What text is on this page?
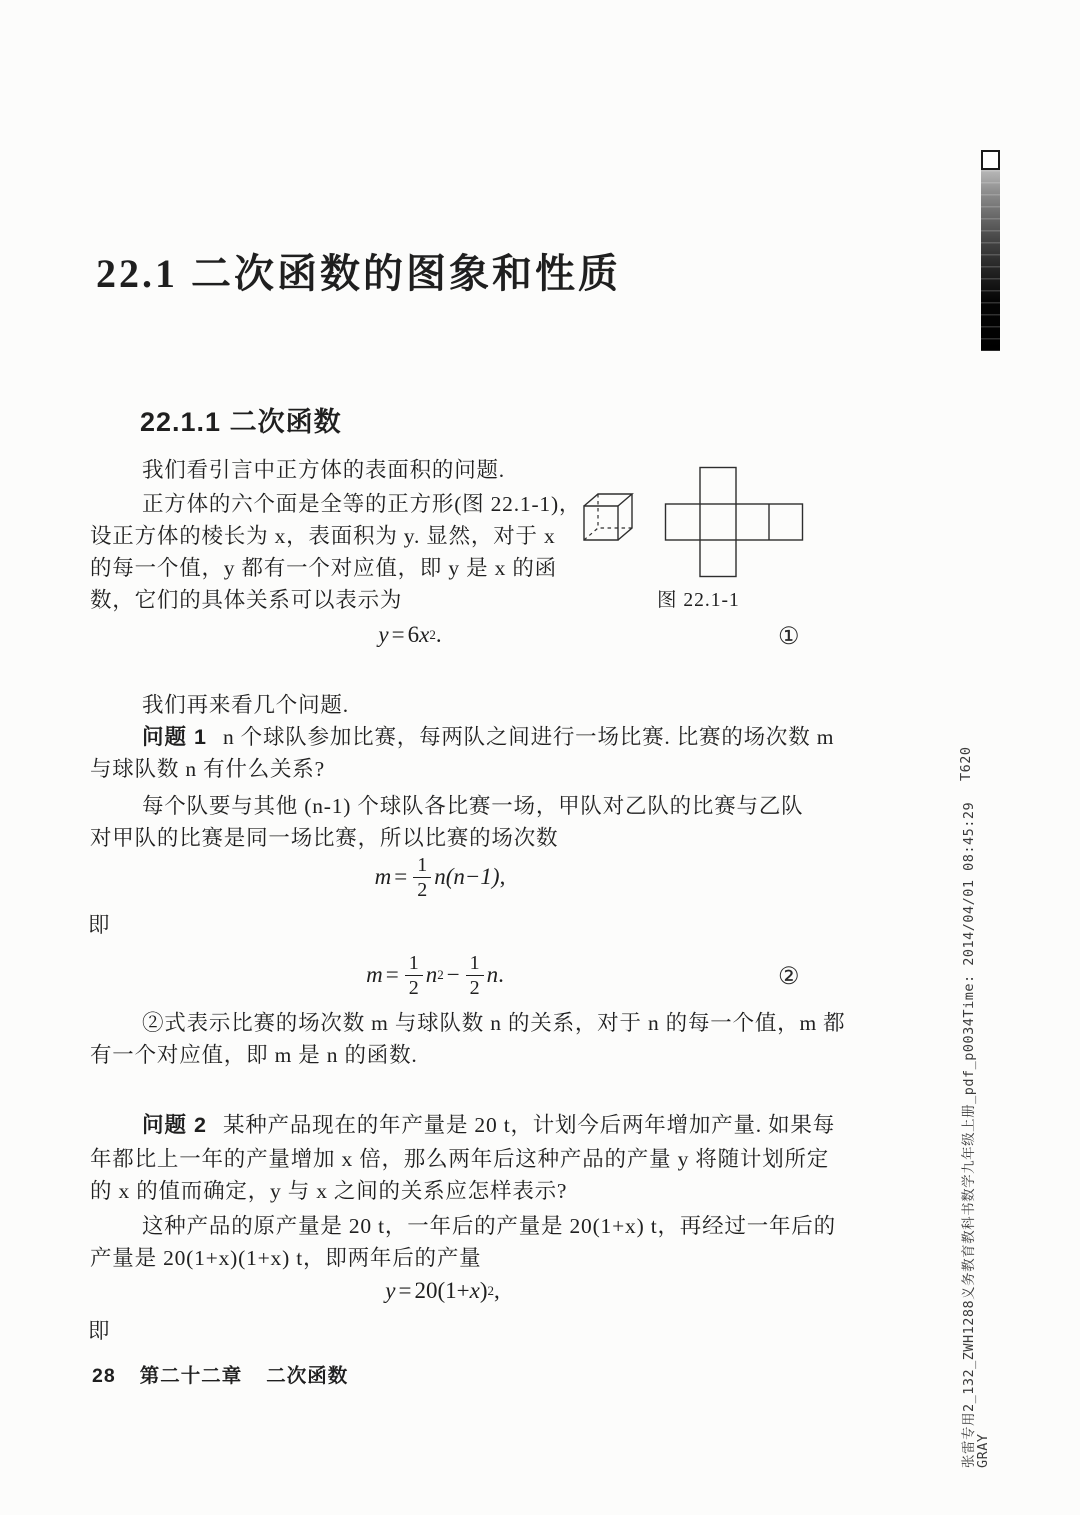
22.1 二次函数的图象和性质
22.1.1 二次函数
我们看引言中正方体的表面积的问题.
正方体的六个面是全等的正方形(图 22.1-1)，
设正方体的棱长为 x，表面积为 y. 显然，对于 x
的每一个值，y 都有一个对应值，即 y 是 x 的函
数，它们的具体关系可以表示为	图 22.1-1
y = 6 x 2 .	①
我们再来看几个问题.
问题 1 n 个球队参加比赛，每两队之间进行一场比赛. 比赛的场次数 m
与球队数 n 有什么关系?
每个队要与其他 (n-1) 个球队各比赛一场，甲队对乙队的比赛与乙队
对甲队的比赛是同一场比赛，所以比赛的场次数
$m = \frac{1}{2} n(n-1)$ ,
即
$m = \frac{1}{2}$ n $2 - \frac{1}{2}$ n .	②
②式表示比赛的场次数 m 与球队数 n 的关系，对于 n 的每一个值，m 都
有一个对应值，即 m 是 n 的函数.
问题 2 某种产品现在的年产量是 20 t，计划今后两年增加产量. 如果每
年都比上一年的产量增加 x 倍，那么两年后这种产品的产量 y 将随计划所定
的 x 的值而确定，y 与 x 之间的关系应怎样表示?
这种产品的原产量是 20 t，一年后的产量是 20(1+x) t，再经过一年后的
产量是 20(1+x)(1+x) t，即两年后的产量
y = 20(1+ x ) 2 ,
即
28 第二十二章 二次函数
T620
张雷专用2_132_ZWH1288义务教育教科书数学九年级上册_pdf_p0034Time: 2014/04/01 08:45:29
GRAY
